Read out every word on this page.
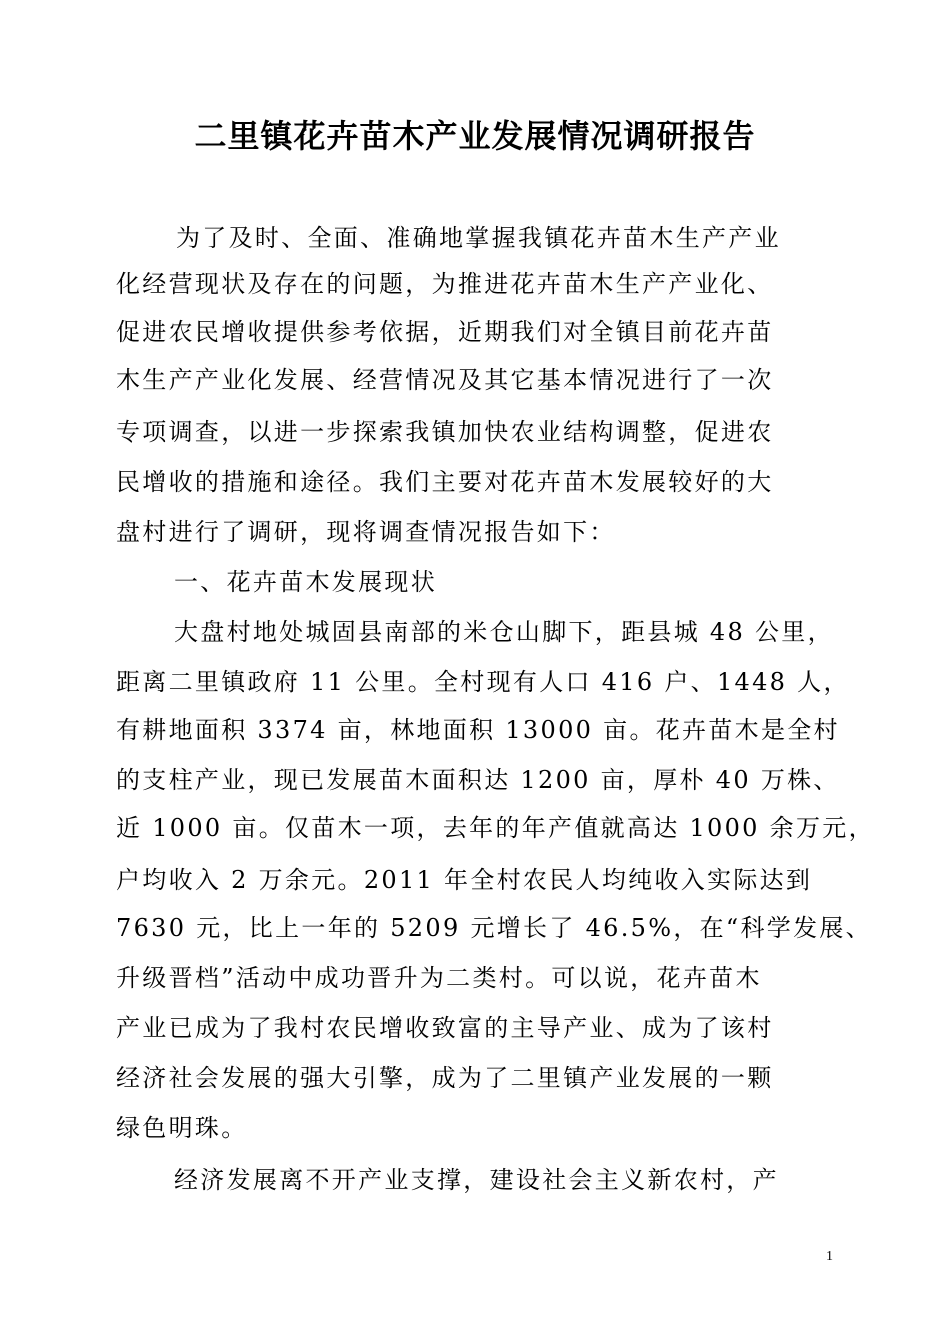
二里镇花卉苗木产业发展情况调研报告
为了及时、全面、准确地掌握我镇花卉苗木生产产业
化经营现状及存在的问题，为推进花卉苗木生产产业化、
促进农民增收提供参考依据，近期我们对全镇目前花卉苗
木生产产业化发展、经营情况及其它基本情况进行了一次
专项调查，以进一步探索我镇加快农业结构调整，促进农
民增收的措施和途径。我们主要对花卉苗木发展较好的大
盘村进行了调研，现将调查情况报告如下：
一、花卉苗木发展现状
大盘村地处城固县南部的米仓山脚下，距县城 48 公里，
距离二里镇政府 11 公里。全村现有人口 416 户、1448 人，
有耕地面积 3374 亩，林地面积 13000 亩。花卉苗木是全村
的支柱产业，现已发展苗木面积达 1200 亩，厚朴 40 万株、
近 1000 亩。仅苗木一项，去年的年产值就高达 1000 余万元，
户均收入 2 万余元。2011 年全村农民人均纯收入实际达到
7630 元，比上一年的 5209 元增长了 46.5%，在“科学发展、
升级晋档”活动中成功晋升为二类村。可以说，花卉苗木
产业已成为了我村农民增收致富的主导产业、成为了该村
经济社会发展的强大引擎，成为了二里镇产业发展的一颗
绿色明珠。
经济发展离不开产业支撑，建设社会主义新农村，产
1
